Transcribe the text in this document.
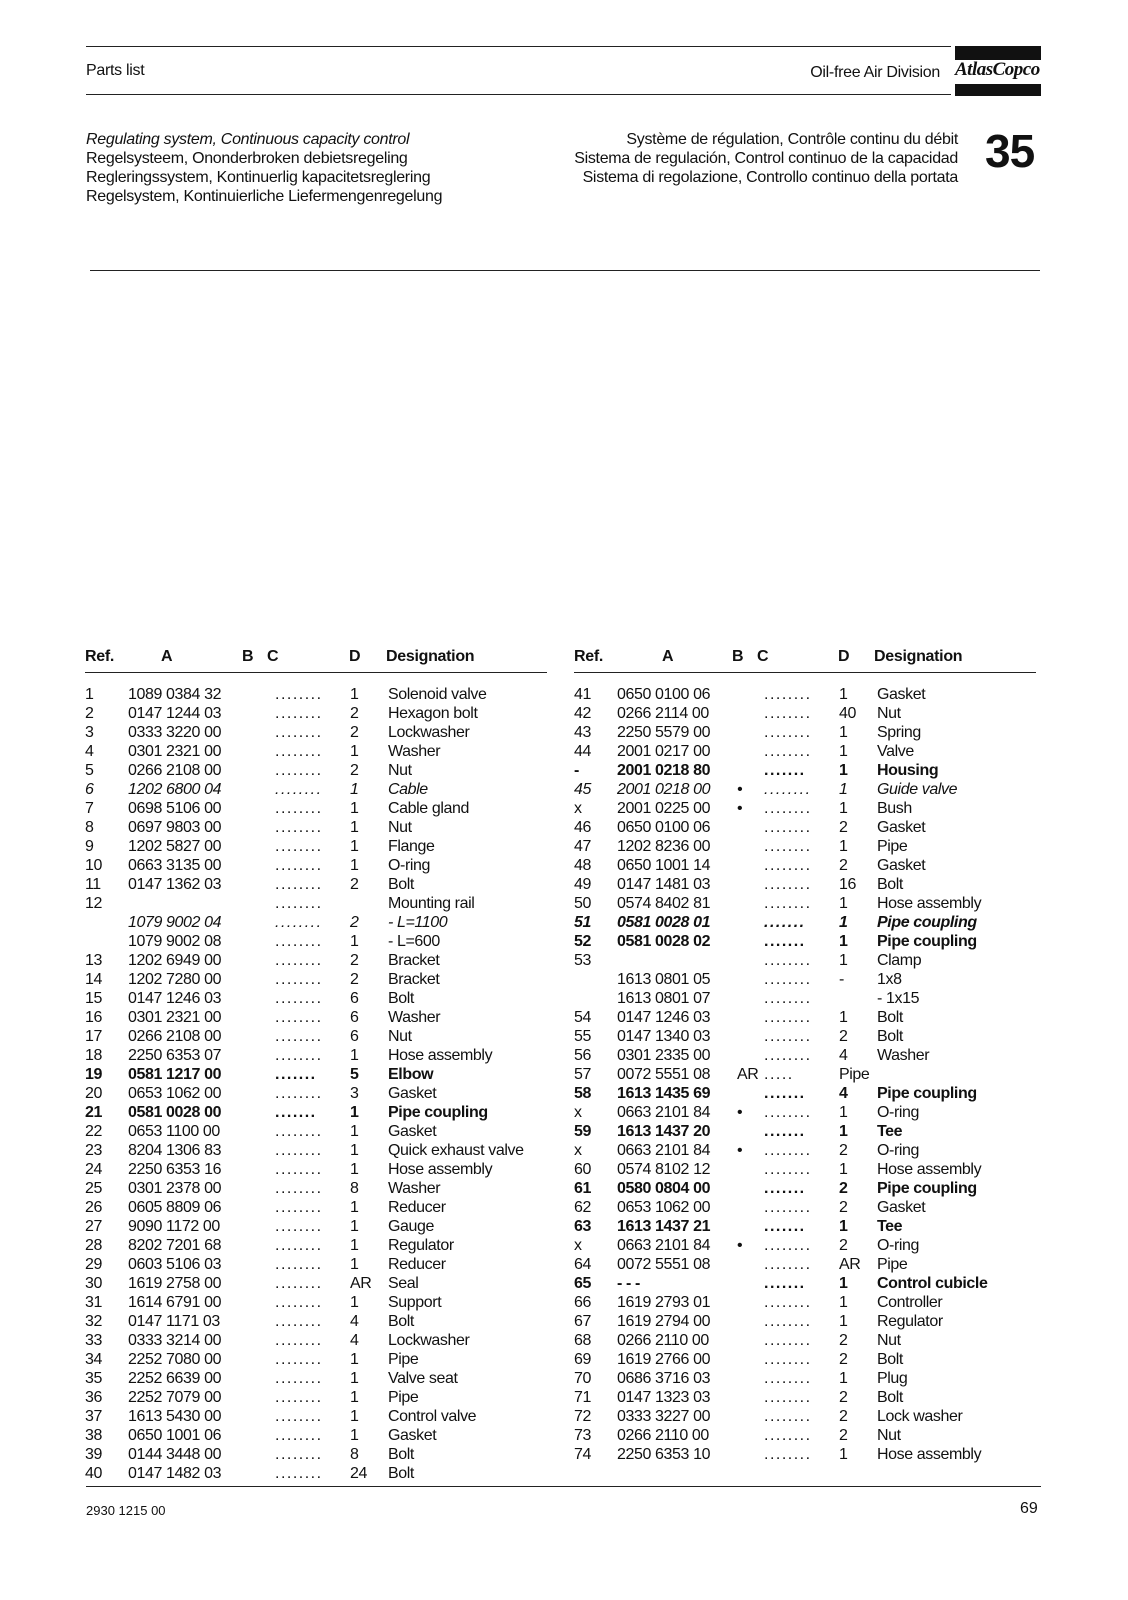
Parts list	Oil-free Air Division AtlasCopco
Regulating system, Continuous capacity control
Regelsysteem, Ononderbroken debietsregeling
Regleringssystem, Kontinuerlig kapacitetsreglering
Regelsystem, Kontinuierliche Liefermengenregelung
Système de régulation, Contrôle continu du débit
Sistema de regulación, Control continuo de la capacidad
Sistema di regolazione, Controllo continuo della portata
35
Ref.	A	B C	D Designation
1 1089 0384 32	........ 1 Solenoid valve
2 0147 1244 03	........ 2 Hexagon bolt
3 0333 3220 00	........ 2 Lockwasher
4 0301 2321 00	........ 1 Washer
5 0266 2108 00	........ 2 Nut
6 1202 6800 04	........ 1 Cable
7 0698 5106 00	........ 1 Cable gland
8 0697 9803 00	........ 1 Nut
9 1202 5827 00	........ 1 Flange
10 0663 3135 00	........ 1 O-ring
11 0147 1362 03	........ 2 Bolt
12	........	Mounting rail
1079 9002 04	........ 2 - L=1100
1079 9002 08	........ 1 - L=600
13 1202 6949 00	........ 2 Bracket
14 1202 7280 00	........ 2 Bracket
15 0147 1246 03	........ 6 Bolt
16 0301 2321 00	........ 6 Washer
17 0266 2108 00	........ 6 Nut
18 2250 6353 07	........ 1 Hose assembly
19 0581 1217 00	....... 5 Elbow
20 0653 1062 00	........ 3 Gasket
21 0581 0028 00	....... 1 Pipe coupling
22 0653 1100 00	........ 1 Gasket
23 8204 1306 83	........ 1 Quick exhaust valve
24 2250 6353 16	........ 1 Hose assembly
25 0301 2378 00	........ 8 Washer
26 0605 8809 06	........ 1 Reducer
27 9090 1172 00	........ 1 Gauge
28 8202 7201 68	........ 1 Regulator
29 0603 5106 03	........ 1 Reducer
30 1619 2758 00	........ AR Seal
31 1614 6791 00	........ 1 Support
32 0147 1171 03	........ 4 Bolt
33 0333 3214 00	........ 4 Lockwasher
34 2252 7080 00	........ 1 Pipe
35 2252 6639 00	........ 1 Valve seat
36 2252 7079 00	........ 1 Pipe
37 1613 5430 00	........ 1 Control valve
38 0650 1001 06	........ 1 Gasket
39 0144 3448 00	........ 8 Bolt
40 0147 1482 03	........ 24 Bolt
Ref.	A	B C	D Designation
41 0650 0100 06	........ 1 Gasket
42 0266 2114 00	........ 40 Nut
43 2250 5579 00	........ 1 Spring
44 2001 0217 00	........ 1 Valve
- 2001 0218 80	....... 1 Housing
45 2001 0218 00 • ........ 1 Guide valve
x 2001 0225 00 • ........ 1 Bush
46 0650 0100 06	........ 2 Gasket
47 1202 8236 00	........ 1 Pipe
48 0650 1001 14	........ 2 Gasket
49 0147 1481 03	........ 16 Bolt
50 0574 8402 81	........ 1 Hose assembly
51 0581 0028 01	....... 1 Pipe coupling
52 0581 0028 02	....... 1 Pipe coupling
53	........ 1 Clamp
1613 0801 05	........ - 1x8
1613 0801 07	........	- 1x15
54 0147 1246 03	........ 1 Bolt
55 0147 1340 03	........ 2 Bolt
56 0301 2335 00	........ 4 Washer
57 0072 5551 08 AR .....	Pipe
58 1613 1435 69	....... 4 Pipe coupling
x 0663 2101 84 • ........ 1 O-ring
59 1613 1437 20	....... 1 Tee
x 0663 2101 84 • ........ 2 O-ring
60 0574 8102 12	........ 1 Hose assembly
61 0580 0804 00	....... 2 Pipe coupling
62 0653 1062 00	........ 2 Gasket
63 1613 1437 21	....... 1 Tee
x 0663 2101 84 • ........ 2 O-ring
64 0072 5551 08	........ AR Pipe
65 - - -	....... 1 Control cubicle
66 1619 2793 01	........ 1 Controller
67 1619 2794 00	........ 1 Regulator
68 0266 2110 00	........ 2 Nut
69 1619 2766 00	........ 2 Bolt
70 0686 3716 03	........ 1 Plug
71 0147 1323 03	........ 2 Bolt
72 0333 3227 00	........ 2 Lock washer
73 0266 2110 00	........ 2 Nut
74 2250 6353 10	........ 1 Hose assembly
2930 1215 00	69
